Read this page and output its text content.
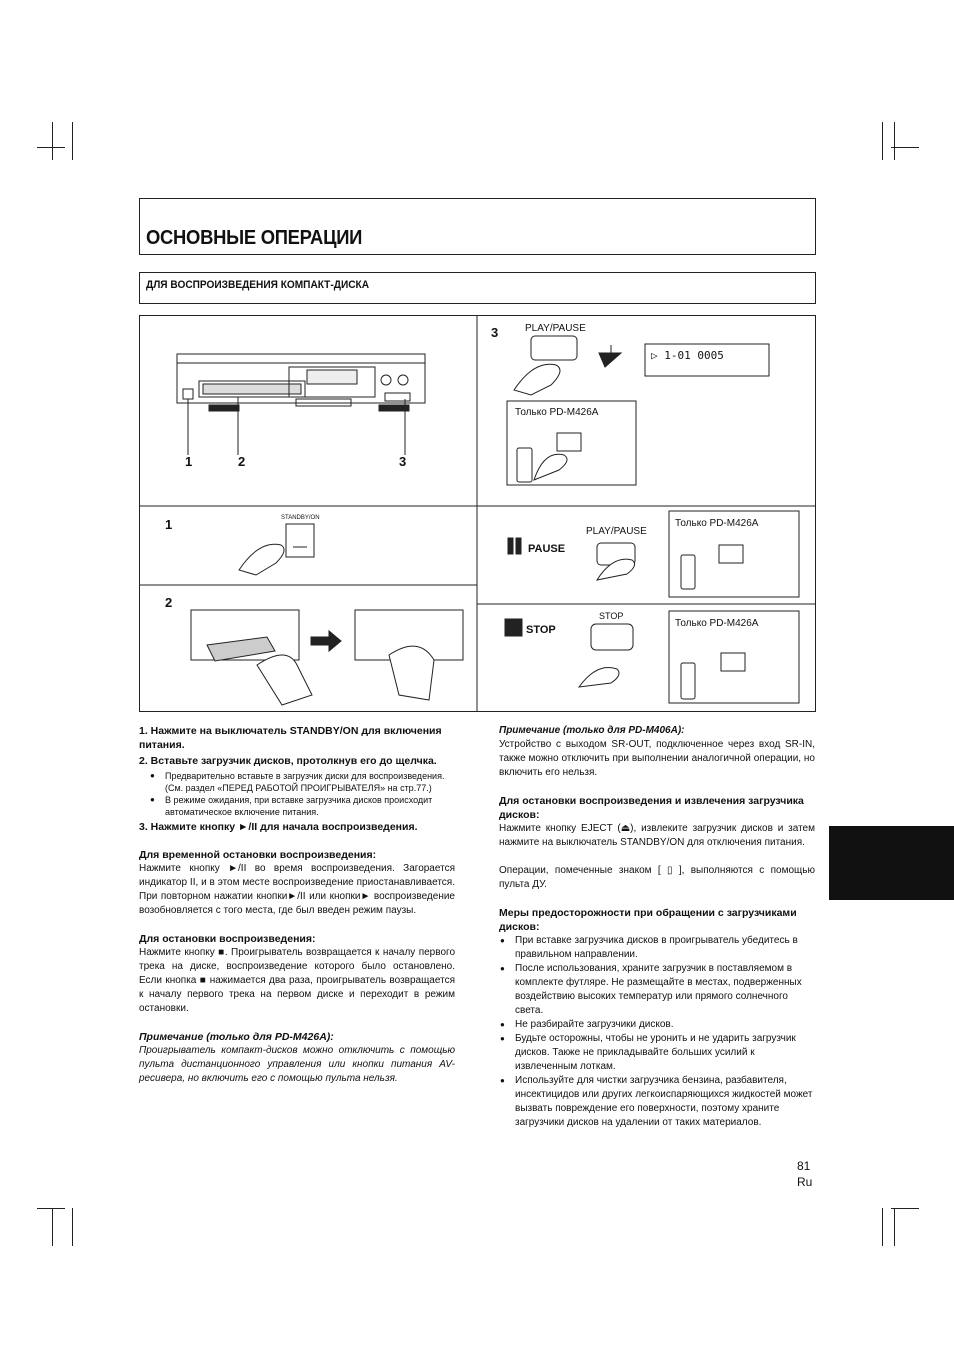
ОСНОВНЫЕ ОПЕРАЦИИ
ДЛЯ ВОСПРОИЗВЕДЕНИЯ КОМПАКТ-ДИСКА
1	2	3
3
1
2
PLAY/PAUSE
Только PD-M426A
STANDBY/ON
PAUSE
PLAY/PAUSE
Только PD-M426A
STOP
STOP
Только PD-M426A
▷ 1-01 0005

1. Нажмите на выключатель STANDBY/ON для включения питания.

2. Вставьте загрузчик дисков, протолкнув его до щелчка.

● Предварительно вставьте в загрузчик диски для воспроизведения. (См. раздел «ПЕРЕД РАБОТОЙ ПРОИГРЫВАТЕЛЯ» на стр.77.)
● В режиме ожидания, при вставке загрузчика дисков происходит автоматическое включение питания.

3. Нажмите кнопку ►/II для начала воспроизведения.

Для временной остановки воспроизведения:

Нажмите кнопку ►/II во время воспроизведения. Загорается индикатор II, и в этом месте воспроизведение приостанавливается. При повторном нажатии кнопки►/II или кнопки► воспроизведение возобновляется с того места, где был введен режим паузы.

Для остановки воспроизведения:

Нажмите кнопку ■. Проигрыватель возвращается к началу первого трека на диске, воспроизведение которого было остановлено. Если кнопка ■ нажимается два раза, проигрыватель возвращается к началу первого трека на первом диске и переходит в режим остановки.

Примечание (только для PD-M426A):

Проигрыватель компакт-дисков можно отключить с помощью пульта дистанционного управления или кнопки питания AV-ресивера, но включить его с помощью пульта нельзя.

Примечание (только для PD-M406A):

Устройство с выходом SR-OUT, подключенное через вход SR-IN, также можно отключить при выполнении аналогичной операции, но включить его нельзя.

Для остановки воспроизведения и извлечения загрузчика дисков:

Нажмите кнопку EJECT (⏏), извлеките загрузчик дисков и затем нажмите на выключатель STANDBY/ON для отключения питания.

Операции, помеченные знаком [ ▯ ], выполняются с помощью пульта ДУ.

Меры предосторожности при обращении с загрузчиками дисков:

● При вставке загрузчика дисков в проигрыватель убедитесь в правильном направлении.
● После использования, храните загрузчик в поставляемом в комплекте футляре. Не размещайте в местах, подверженных воздействию высоких температур или прямого солнечного света.
● Не разбирайте загрузчики дисков.
● Будьте осторожны, чтобы не уронить и не ударить загрузчик дисков. Также не прикладывайте больших усилий к извлеченным лоткам.
● Используйте для чистки загрузчика бензина, разбавителя, инсектицидов или других легкоиспаряющихся жидкостей может вызвать повреждение его поверхности, поэтому храните загрузчики дисков на удалении от таких материалов.
81
Ru
